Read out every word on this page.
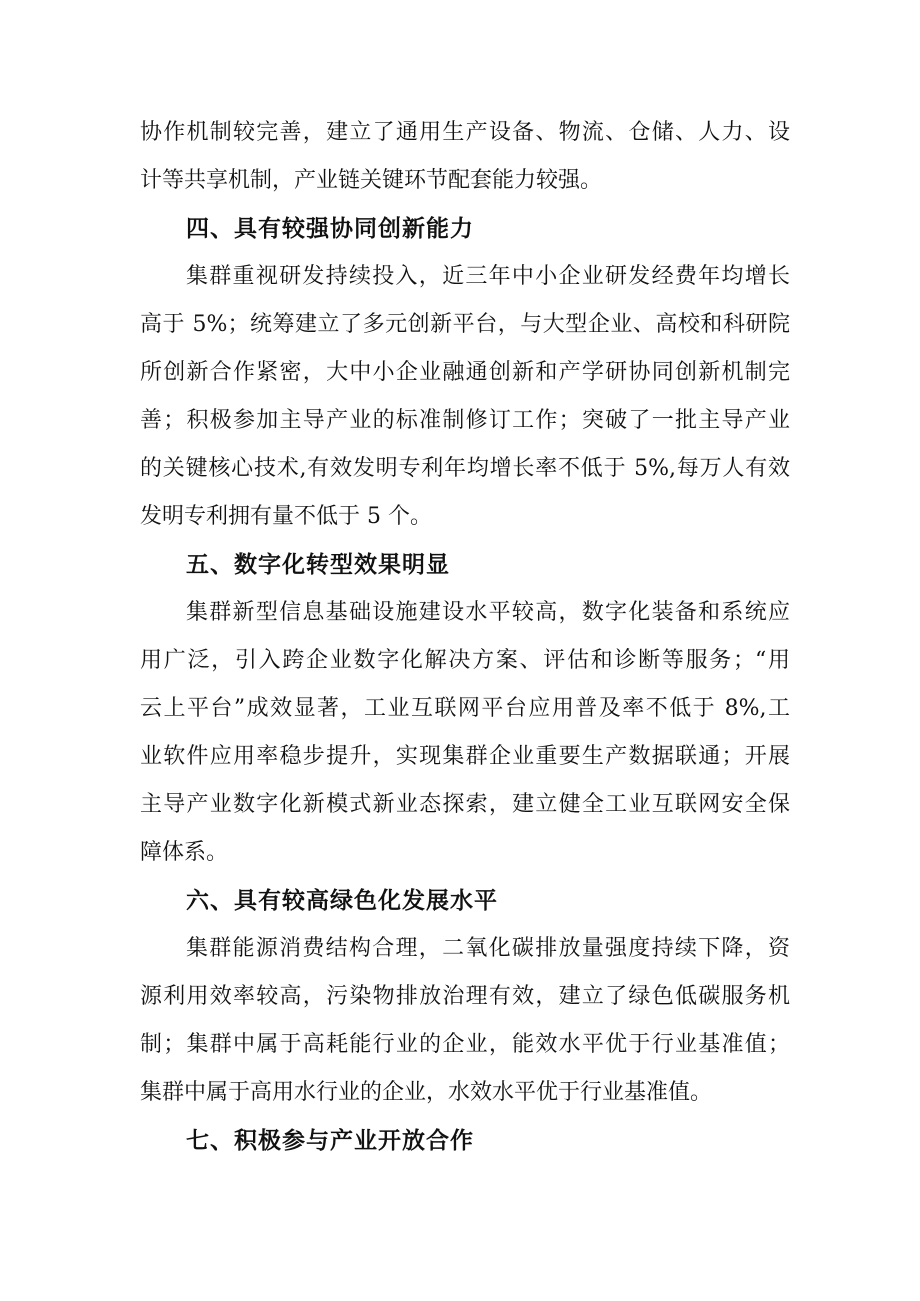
协作机制较完善，建立了通用生产设备、物流、仓储、人力、设
计等共享机制，产业链关键环节配套能力较强。
四、具有较强协同创新能力
集群重视研发持续投入，近三年中小企业研发经费年均增长
高于 5%；统筹建立了多元创新平台，与大型企业、高校和科研院
所创新合作紧密，大中小企业融通创新和产学研协同创新机制完
善；积极参加主导产业的标准制修订工作；突破了一批主导产业
的关键核心技术,有效发明专利年均增长率不低于 5%,每万人有效
发明专利拥有量不低于 5 个。
五、数字化转型效果明显
集群新型信息基础设施建设水平较高，数字化装备和系统应
用广泛，引入跨企业数字化解决方案、评估和诊断等服务；“用
云上平台”成效显著，工业互联网平台应用普及率不低于 8%,工
业软件应用率稳步提升，实现集群企业重要生产数据联通；开展
主导产业数字化新模式新业态探索，建立健全工业互联网安全保
障体系。
六、具有较高绿色化发展水平
集群能源消费结构合理，二氧化碳排放量强度持续下降，资
源利用效率较高，污染物排放治理有效，建立了绿色低碳服务机
制；集群中属于高耗能行业的企业，能效水平优于行业基准值；
集群中属于高用水行业的企业，水效水平优于行业基准值。
七、积极参与产业开放合作
